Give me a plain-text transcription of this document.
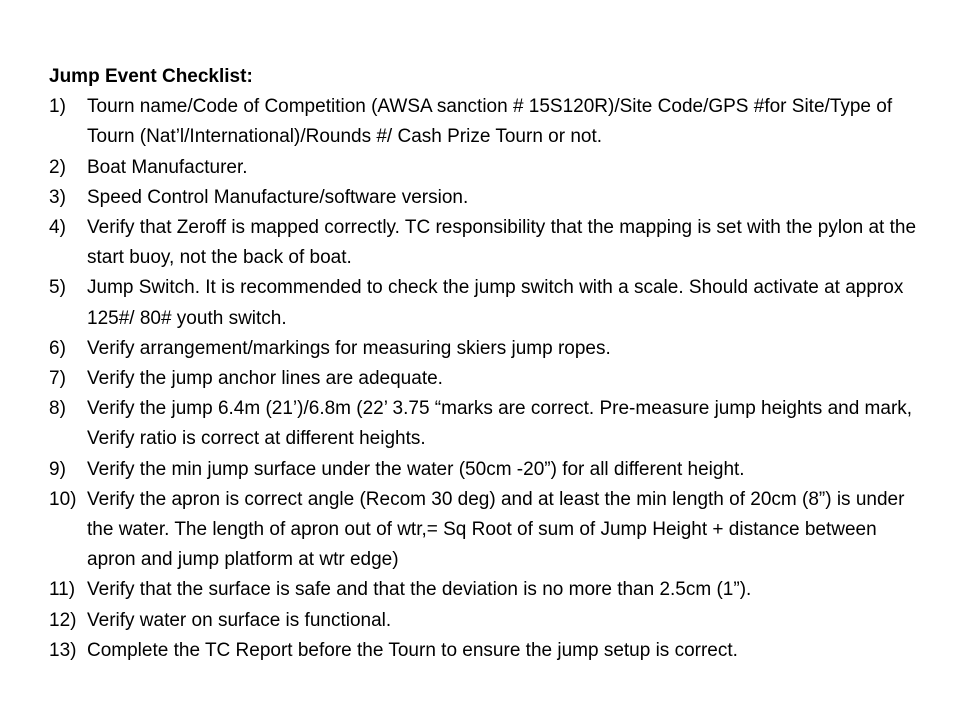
Jump Event Checklist:

1)	Tourn name/Code of Competition (AWSA sanction # 15S120R)/Site Code/GPS #for Site/Type of Tourn (Nat’l/International)/Rounds #/ Cash Prize Tourn or not.
2)	Boat Manufacturer.
3)	Speed Control Manufacture/software version.
4)	Verify that Zeroff is mapped correctly. TC responsibility that the mapping is set with the pylon at the start buoy, not the back of boat.
5)	Jump Switch. It is recommended to check the jump switch with a scale. Should activate at approx 125#/ 80# youth switch.
6)	Verify arrangement/markings for measuring skiers jump ropes.
7)	Verify the jump anchor lines are adequate.
8)	Verify the jump 6.4m (21’)/6.8m (22’ 3.75 “marks are correct. Pre-measure jump heights and mark, Verify ratio is correct at different heights.
9)	Verify the min jump surface under the water (50cm -20”) for all different height.
10) Verify the apron is correct angle (Recom 30 deg) and at least the min length of 20cm (8”) is under the water. The length of apron out of wtr,= Sq Root of sum of Jump Height + distance between apron and jump platform at wtr edge)
11) Verify that the surface is safe and that the deviation is no more than 2.5cm (1”).
12) Verify water on surface is functional.
13) Complete the TC Report before the Tourn to ensure the jump setup is correct.
